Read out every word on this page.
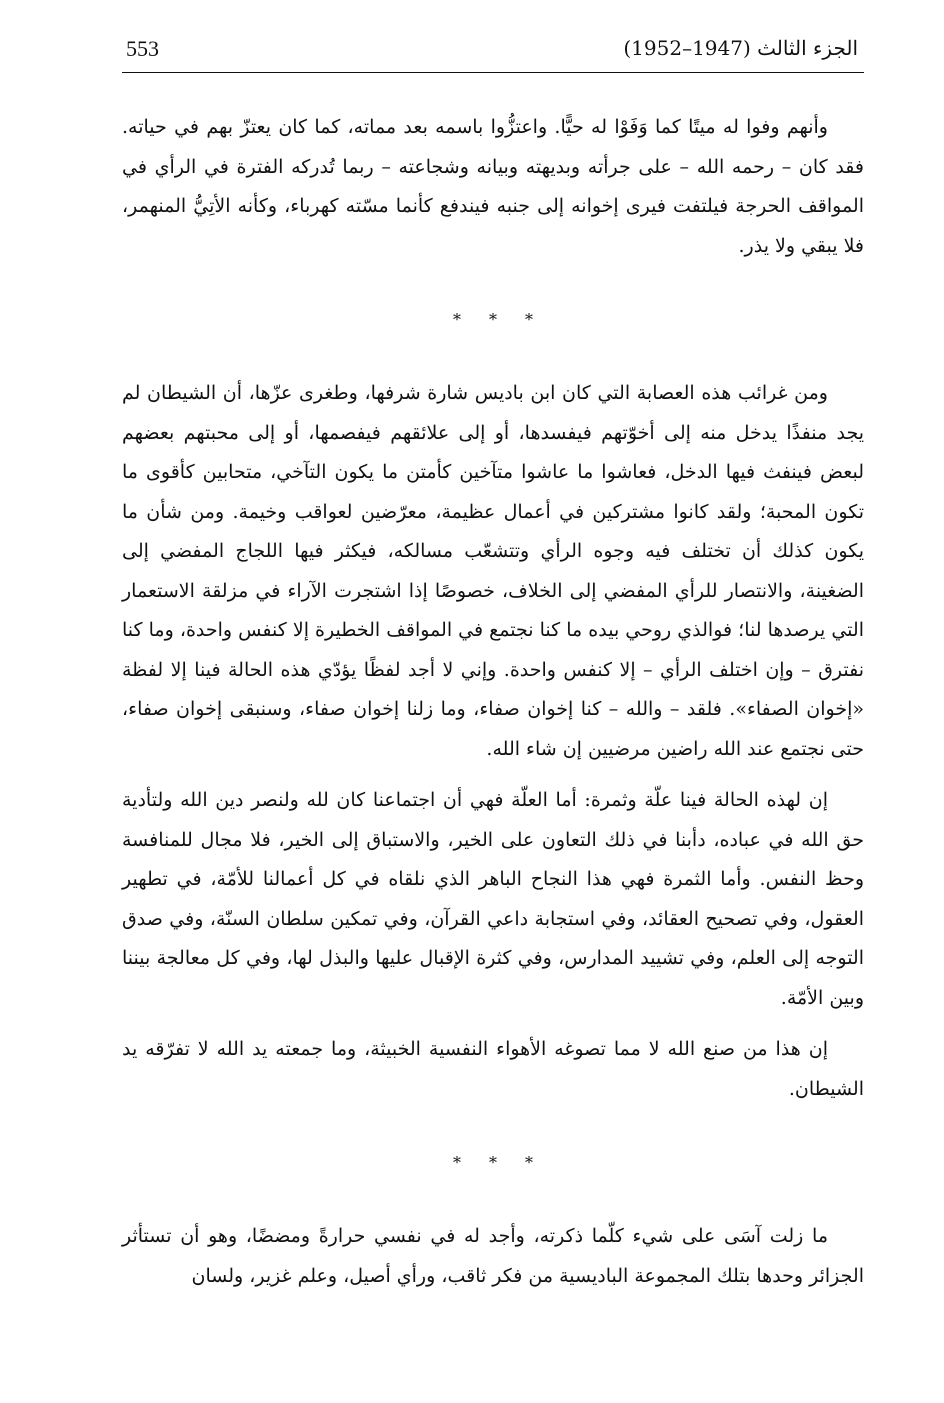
553	الجزء الثالث (1947–1952)

وأنهم وفوا له ميتًا كما وَفَوْا له حيًّا. واعتزُّوا باسمه بعد مماته، كما كان يعتزّ بهم في حياته. فقد كان – رحمه الله – على جرأته وبديهته وبيانه وشجاعته – ربما تُدركه الفترة في الرأي في المواقف الحرجة فيلتفت فيرى إخوانه إلى جنبه فيندفع كأنما مسّته كهرباء، وكأنه الأتِيُّ المنهمر، فلا يبقي ولا يذر.

* * *

ومن غرائب هذه العصابة التي كان ابن باديس شارة شرفها، وطغرى عزّها، أن الشيطان لم يجد منفذًا يدخل منه إلى أخوّتهم فيفسدها، أو إلى علائقهم فيفصمها، أو إلى محبتهم بعضهم لبعض فينفث فيها الدخل، فعاشوا ما عاشوا متآخين كأمتن ما يكون التآخي، متحابين كأقوى ما تكون المحبة؛ ولقد كانوا مشتركين في أعمال عظيمة، معرّضين لعواقب وخيمة. ومن شأن ما يكون كذلك أن تختلف فيه وجوه الرأي وتتشعّب مسالكه، فيكثر فيها اللجاج المفضي إلى الضغينة، والانتصار للرأي المفضي إلى الخلاف، خصوصًا إذا اشتجرت الآراء في مزلقة الاستعمار التي يرصدها لنا؛ فوالذي روحي بيده ما كنا نجتمع في المواقف الخطيرة إلا كنفس واحدة، وما كنا نفترق – وإن اختلف الرأي – إلا كنفس واحدة. وإني لا أجد لفظًا يؤدّي هذه الحالة فينا إلا لفظة «إخوان الصفاء». فلقد – والله – كنا إخوان صفاء، وما زلنا إخوان صفاء، وسنبقى إخوان صفاء، حتى نجتمع عند الله راضين مرضيين إن شاء الله.

إن لهذه الحالة فينا علّة وثمرة: أما العلّة فهي أن اجتماعنا كان لله ولنصر دين الله ولتأدية حق الله في عباده، دأبنا في ذلك التعاون على الخير، والاستباق إلى الخير، فلا مجال للمنافسة وحظ النفس. وأما الثمرة فهي هذا النجاح الباهر الذي نلقاه في كل أعمالنا للأمّة، في تطهير العقول، وفي تصحيح العقائد، وفي استجابة داعي القرآن، وفي تمكين سلطان السنّة، وفي صدق التوجه إلى العلم، وفي تشييد المدارس، وفي كثرة الإقبال عليها والبذل لها، وفي كل معالجة بيننا وبين الأمّة.

إن هذا من صنع الله لا مما تصوغه الأهواء النفسية الخبيثة، وما جمعته يد الله لا تفرّقه يد الشيطان.

* * *

ما زلت آسَى على شيء كلّما ذكرته، وأجد له في نفسي حرارةً ومضضًا، وهو أن تستأثر الجزائر وحدها بتلك المجموعة الباديسية من فكر ثاقب، ورأي أصيل، وعلم غزير، ولسان
